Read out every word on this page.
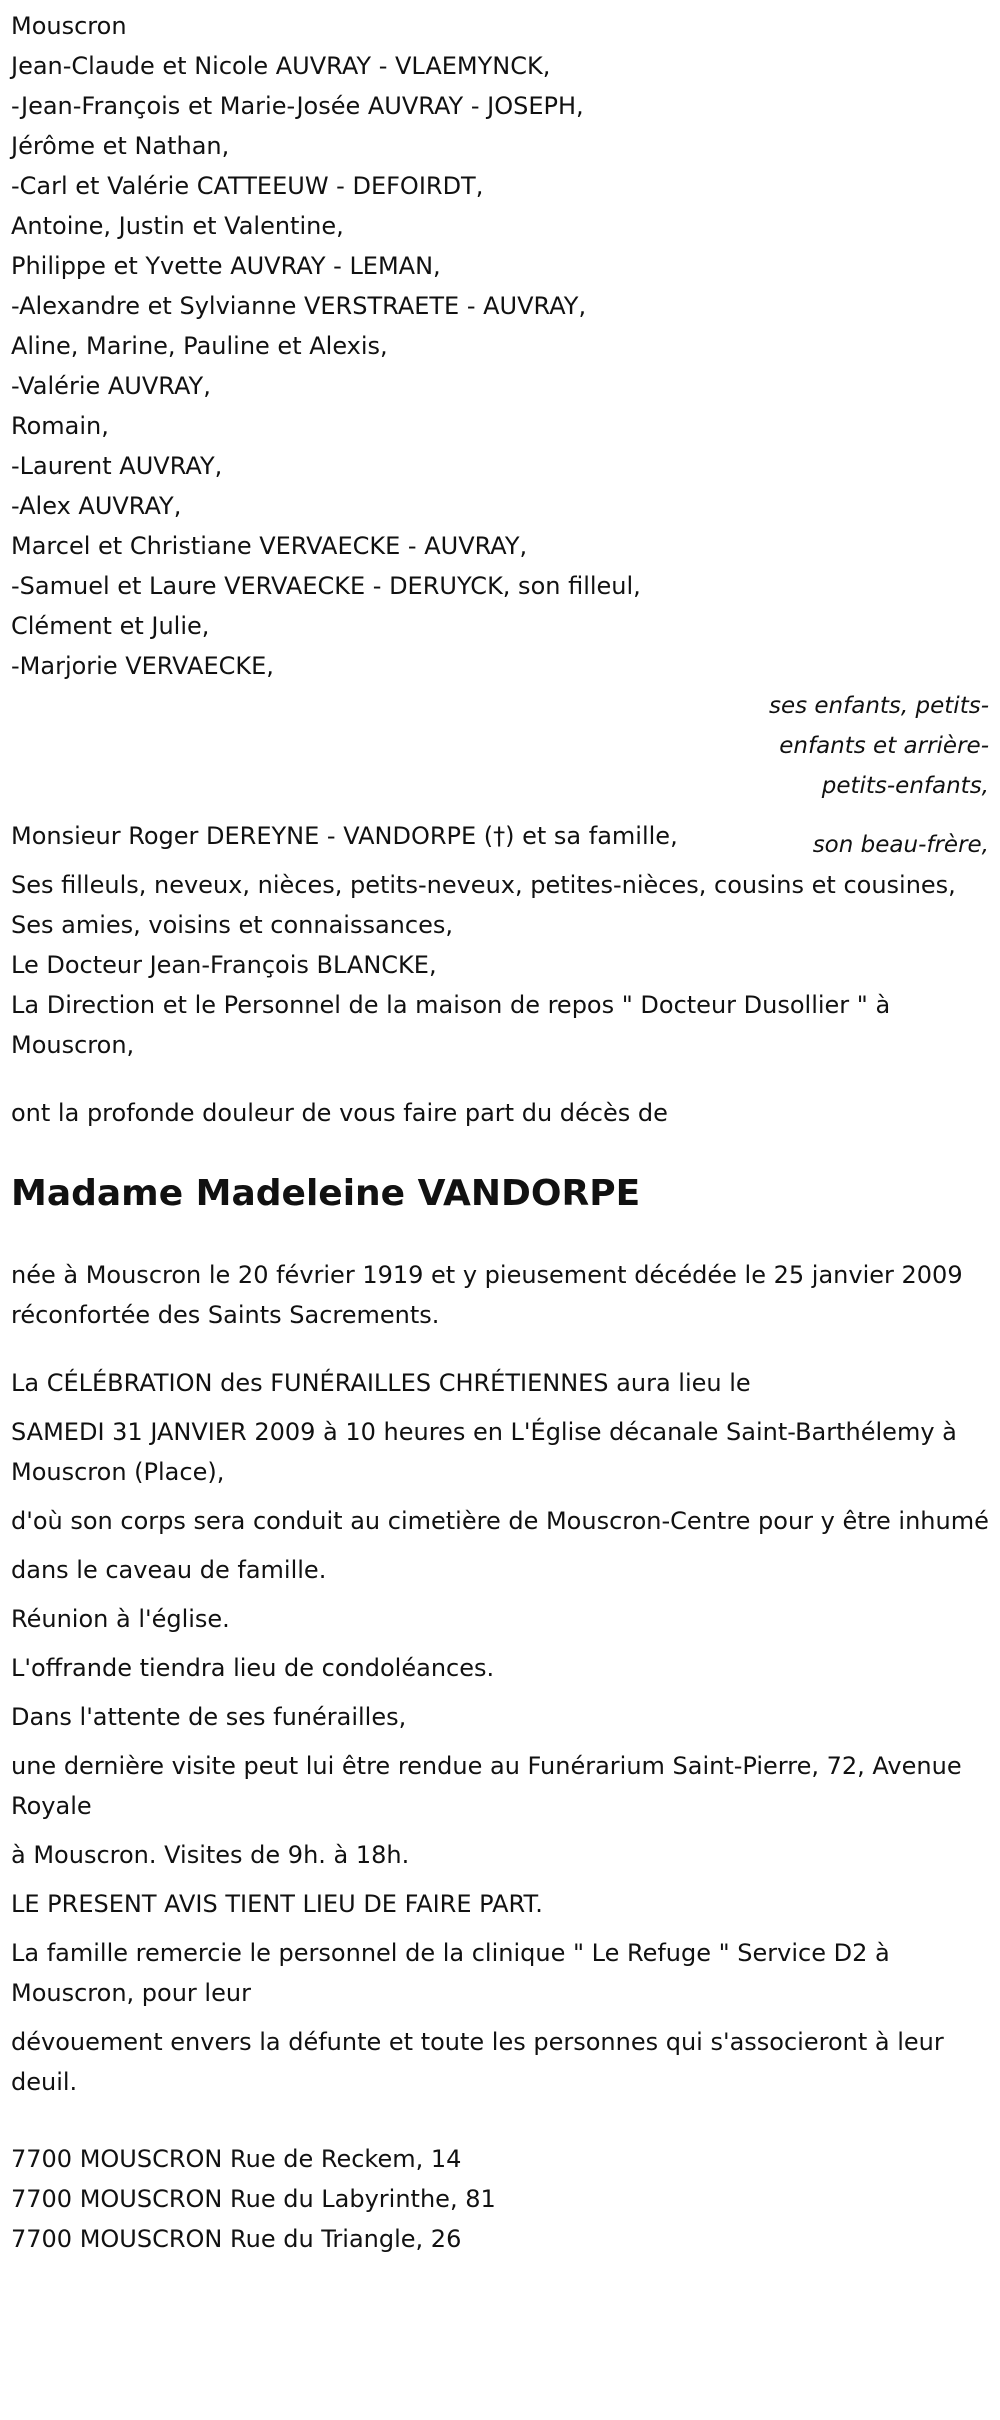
Mouscron

Jean-Claude et Nicole AUVRAY - VLAEMYNCK,

-Jean-François et Marie-Josée AUVRAY - JOSEPH,

Jérôme et Nathan,

-Carl et Valérie CATTEEUW - DEFOIRDT,

Antoine, Justin et Valentine,

Philippe et Yvette AUVRAY - LEMAN,

-Alexandre et Sylvianne VERSTRAETE - AUVRAY,

Aline, Marine, Pauline et Alexis,

-Valérie AUVRAY,

Romain,

-Laurent AUVRAY,

-Alex AUVRAY,

Marcel et Christiane VERVAECKE - AUVRAY,

-Samuel et Laure VERVAECKE - DERUYCK, son filleul,

Clément et Julie,

-Marjorie VERVAECKE,

ses enfants, petits-

enfants et arrière-

petits-enfants,

Monsieur Roger DEREYNE - VANDORPE (†) et sa famille,	son beau-frère,

Ses filleuls, neveux, nièces, petits-neveux, petites-nièces, cousins et cousines,

Ses amies, voisins et connaissances,

Le Docteur Jean-François BLANCKE,

La Direction et le Personnel de la maison de repos " Docteur Dusollier " à Mouscron,

ont la profonde douleur de vous faire part du décès de

Madame Madeleine VANDORPE

née à Mouscron le 20 février 1919 et y pieusement décédée le 25 janvier 2009

réconfortée des Saints Sacrements.

La CÉLÉBRATION des FUNÉRAILLES CHRÉTIENNES aura lieu le

SAMEDI 31 JANVIER 2009 à 10 heures en L'Église décanale Saint-Barthélemy à Mouscron (Place),

d'où son corps sera conduit au cimetière de Mouscron-Centre pour y être inhumé

dans le caveau de famille.

Réunion à l'église.

L'offrande tiendra lieu de condoléances.

Dans l'attente de ses funérailles,

une dernière visite peut lui être rendue au Funérarium Saint-Pierre, 72, Avenue Royale

à Mouscron. Visites de 9h. à 18h.

LE PRESENT AVIS TIENT LIEU DE FAIRE PART.

La famille remercie le personnel de la clinique " Le Refuge " Service D2 à Mouscron, pour leur

dévouement envers la défunte et toute les personnes qui s'associeront à leur deuil.

7700 MOUSCRON Rue de Reckem, 14

7700 MOUSCRON Rue du Labyrinthe, 81

7700 MOUSCRON Rue du Triangle, 26
